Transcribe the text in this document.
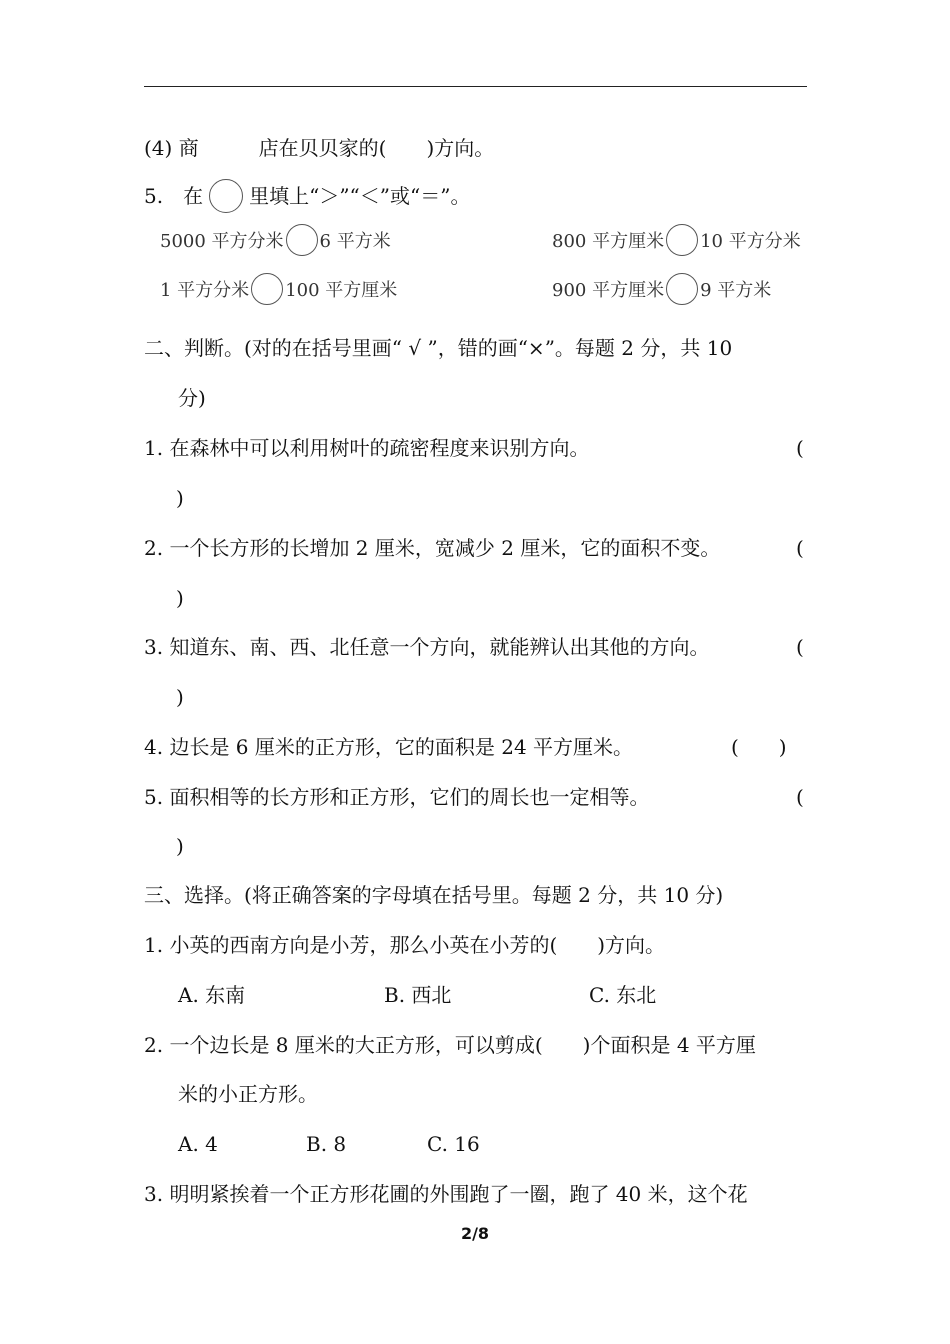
(4) 商　　　店在贝贝家的(　　)方向。
5.　在 里填上“＞”“＜”或“＝”。
5000 平方分米 6 平方米	800 平方厘米 10 平方分米
1 平方分米 100 平方厘米	900 平方厘米 9 平方米
二、判断。(对的在括号里画“ √ ”，错的画“×”。每题 2 分，共 10
分)
1. 在森林中可以利用树叶的疏密程度来识别方向。	(
)
2. 一个长方形的长增加 2 厘米，宽减少 2 厘米，它的面积不变。	(
)
3. 知道东、南、西、北任意一个方向，就能辨认出其他的方向。	(
)
4. 边长是 6 厘米的正方形，它的面积是 24 平方厘米。	(　　)
5. 面积相等的长方形和正方形，它们的周长也一定相等。	(
)
三、选择。(将正确答案的字母填在括号里。每题 2 分，共 10 分)
1. 小英的西南方向是小芳，那么小英在小芳的(　　)方向。
A. 东南	B. 西北	C. 东北
2. 一个边长是 8 厘米的大正方形，可以剪成(　　)个面积是 4 平方厘
米的小正方形。
A. 4	B. 8	C. 16
3. 明明紧挨着一个正方形花圃的外围跑了一圈，跑了 40 米，这个花
2/8
